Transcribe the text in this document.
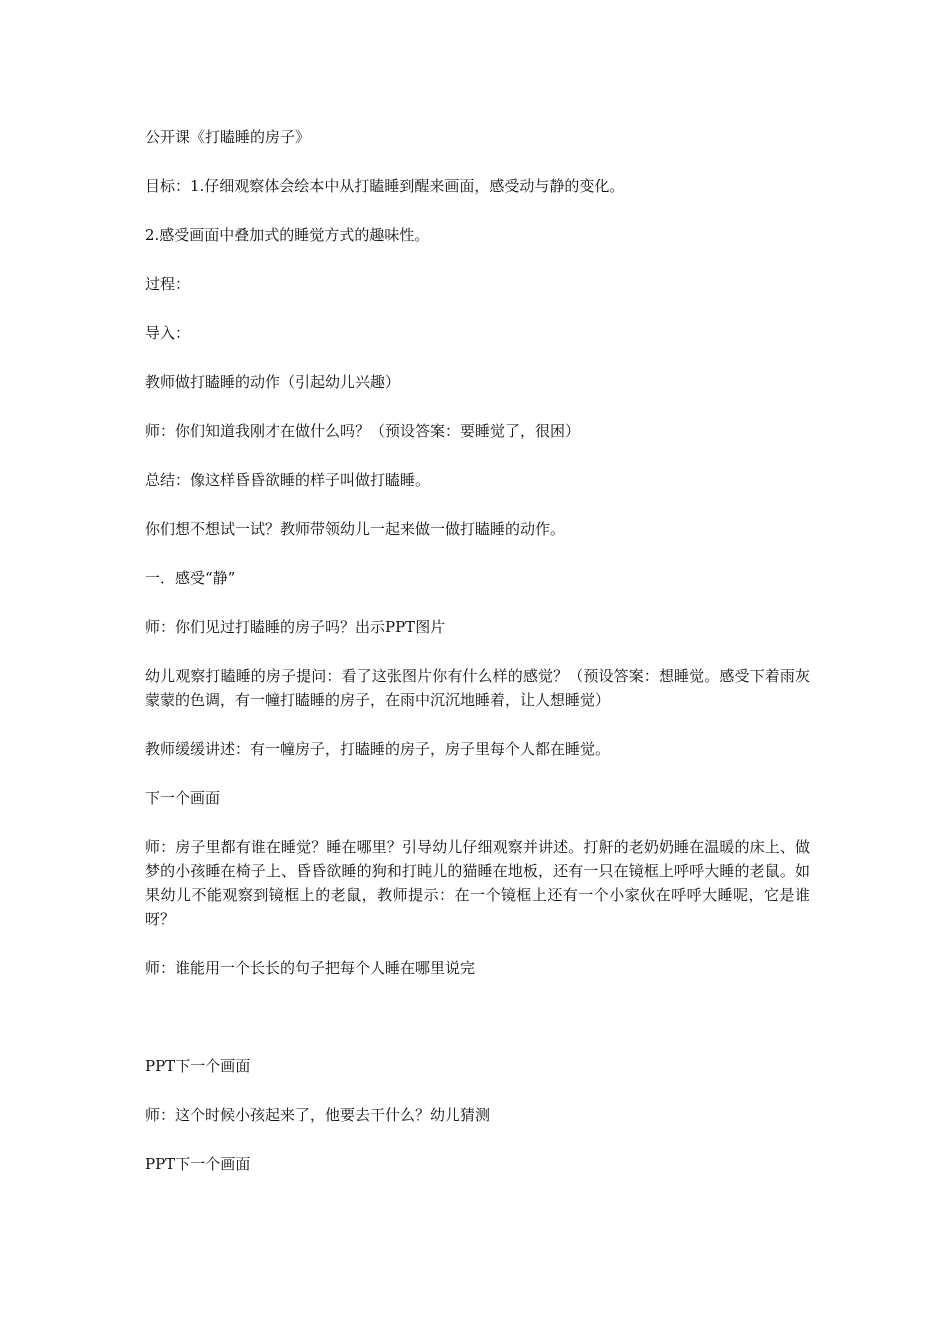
公开课《打瞌睡的房子》

目标：1.仔细观察体会绘本中从打瞌睡到醒来画面，感受动与静的变化。

2.感受画面中叠加式的睡觉方式的趣味性。

过程：

导入：

教师做打瞌睡的动作（引起幼儿兴趣）

师：你们知道我刚才在做什么吗？（预设答案：要睡觉了，很困）

总结：像这样昏昏欲睡的样子叫做打瞌睡。

你们想不想试一试？教师带领幼儿一起来做一做打瞌睡的动作。

一．感受“静”

师：你们见过打瞌睡的房子吗？出示PPT图片

幼儿观察打瞌睡的房子提问：看了这张图片你有什么样的感觉？（预设答案：想睡觉。感受下着雨灰蒙蒙的色调，有一幢打瞌睡的房子，在雨中沉沉地睡着，让人想睡觉）

教师缓缓讲述：有一幢房子，打瞌睡的房子，房子里每个人都在睡觉。

下一个画面

师：房子里都有谁在睡觉？睡在哪里？引导幼儿仔细观察并讲述。打鼾的老奶奶睡在温暖的床上、做梦的小孩睡在椅子上、昏昏欲睡的狗和打盹儿的猫睡在地板，还有一只在镜框上呼呼大睡的老鼠。如果幼儿不能观察到镜框上的老鼠，教师提示：在一个镜框上还有一个小家伙在呼呼大睡呢，它是谁呀？

师：谁能用一个长长的句子把每个人睡在哪里说完

PPT下一个画面

师：这个时候小孩起来了，他要去干什么？幼儿猜测

PPT下一个画面
